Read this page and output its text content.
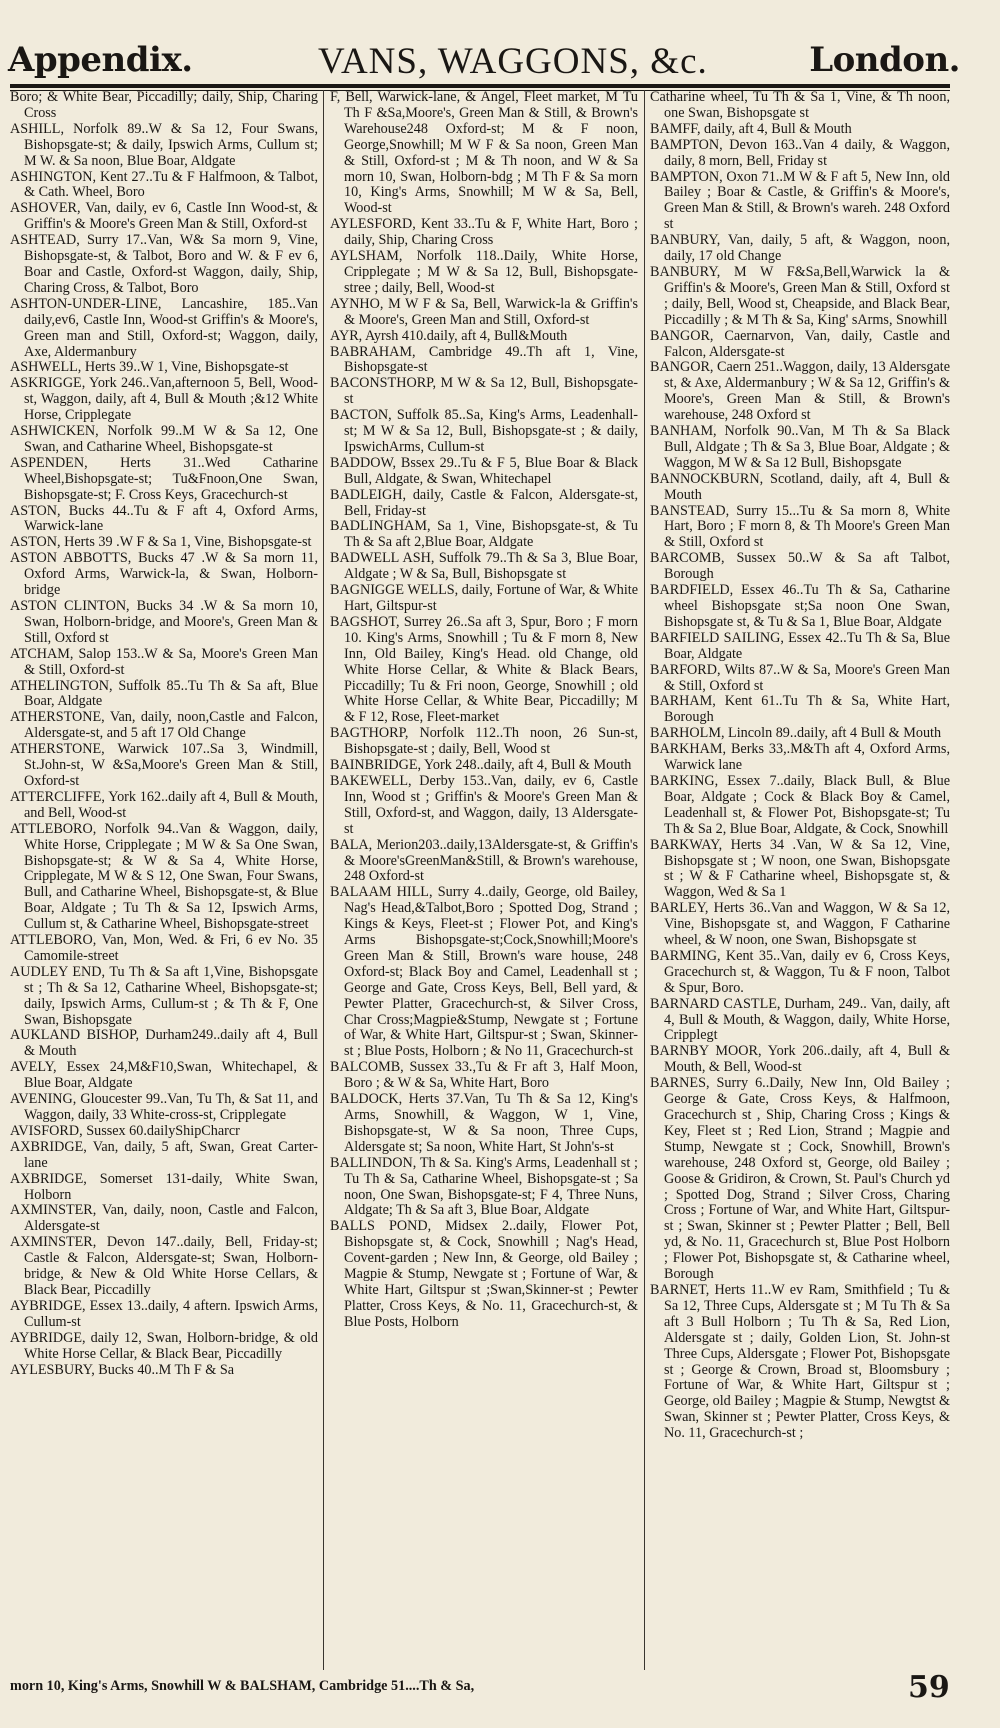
Appendix.	VANS, WAGGONS, &c.	London.

Boro; & White Bear, Piccadilly; daily, Ship, Charing Cross

ASHILL, Norfolk 89..W & Sa 12, Four Swans, Bishopsgate-st; & daily, Ipswich Arms, Cullum st; M W. & Sa noon, Blue Boar, Aldgate

ASHINGTON, Kent 27..Tu & F Halfmoon, & Talbot, & Cath. Wheel, Boro

ASHOVER, Van, daily, ev 6, Castle Inn Wood-st, & Griffin's & Moore's Green Man & Still, Oxford-st

ASHTEAD, Surry 17..Van, W& Sa morn 9, Vine, Bishopsgate-st, & Talbot, Boro and W. & F ev 6, Boar and Castle, Oxford-st Waggon, daily, Ship, Charing Cross, & Talbot, Boro

ASHTON-UNDER-LINE, Lancashire, 185..Van daily,ev6, Castle Inn, Wood-st Griffin's & Moore's, Green man and Still, Oxford-st; Waggon, daily, Axe, Aldermanbury

ASHWELL, Herts 39..W 1, Vine, Bishopsgate-st

ASKRIGGE, York 246..Van,afternoon 5, Bell, Wood-st, Waggon, daily, aft 4, Bull & Mouth ;&12 White Horse, Cripplegate

ASHWICKEN, Norfolk 99..M W & Sa 12, One Swan, and Catharine Wheel, Bishopsgate-st

ASPENDEN, Herts 31..Wed Catharine Wheel,Bishopsgate-st; Tu&Fnoon,One Swan, Bishopsgate-st; F. Cross Keys, Gracechurch-st

ASTON, Bucks 44..Tu & F aft 4, Oxford Arms, Warwick-lane

ASTON, Herts 39 .W F & Sa 1, Vine, Bishopsgate-st

ASTON ABBOTTS, Bucks 47 .W & Sa morn 11, Oxford Arms, Warwick-la, & Swan, Holborn-bridge

ASTON CLINTON, Bucks 34 .W & Sa morn 10, Swan, Holborn-bridge, and Moore's, Green Man & Still, Oxford st

ATCHAM, Salop 153..W & Sa, Moore's Green Man & Still, Oxford-st

ATHELINGTON, Suffolk 85..Tu Th & Sa aft, Blue Boar, Aldgate

ATHERSTONE, Van, daily, noon,Castle and Falcon, Aldersgate-st, and 5 aft 17 Old Change

ATHERSTONE, Warwick 107..Sa 3, Windmill, St.John-st, W &Sa,Moore's Green Man & Still, Oxford-st

ATTERCLIFFE, York 162..daily aft 4, Bull & Mouth, and Bell, Wood-st

ATTLEBORO, Norfolk 94..Van & Waggon, daily, White Horse, Cripplegate ; M W & Sa One Swan, Bishopsgate-st; & W & Sa 4, White Horse, Cripplegate, M W & S 12, One Swan, Four Swans, Bull, and Catharine Wheel, Bishopsgate-st, & Blue Boar, Aldgate ; Tu Th & Sa 12, Ipswich Arms, Cullum st, & Catharine Wheel, Bishopsgate-street

ATTLEBORO, Van, Mon, Wed. & Fri, 6 ev No. 35 Camomile-street

AUDLEY END, Tu Th & Sa aft 1,Vine, Bishopsgate st ; Th & Sa 12, Catharine Wheel, Bishopsgate-st; daily, Ipswich Arms, Cullum-st ; & Th & F, One Swan, Bishopsgate

AUKLAND BISHOP, Durham249..daily aft 4, Bull & Mouth

AVELY, Essex 24,M&F10,Swan, Whitechapel, & Blue Boar, Aldgate

AVENING, Gloucester 99..Van, Tu Th, & Sat 11, and Waggon, daily, 33 White-cross-st, Cripplegate

AVISFORD, Sussex 60.dailyShipCharcr

AXBRIDGE, Van, daily, 5 aft, Swan, Great Carter-lane

AXBRIDGE, Somerset 131-daily, White Swan, Holborn

AXMINSTER, Van, daily, noon, Castle and Falcon, Aldersgate-st

AXMINSTER, Devon 147..daily, Bell, Friday-st; Castle & Falcon, Aldersgate-st; Swan, Holborn-bridge, & New & Old White Horse Cellars, & Black Bear, Piccadilly

AYBRIDGE, Essex 13..daily, 4 aftern. Ipswich Arms, Cullum-st

AYBRIDGE, daily 12, Swan, Holborn-bridge, & old White Horse Cellar, & Black Bear, Piccadilly

AYLESBURY, Bucks 40..M Th F & Sa

F, Bell, Warwick-lane, & Angel, Fleet market, M Tu Th F &Sa,Moore's, Green Man & Still, & Brown's Warehouse248 Oxford-st; M & F noon, George,Snowhill; M W F & Sa noon, Green Man & Still, Oxford-st ; M & Th noon, and W & Sa morn 10, Swan, Holborn-bdg ; M Th F & Sa morn 10, King's Arms, Snowhill; M W & Sa, Bell, Wood-st

AYLESFORD, Kent 33..Tu & F, White Hart, Boro ; daily, Ship, Charing Cross

AYLSHAM, Norfolk 118..Daily, White Horse, Cripplegate ; M W & Sa 12, Bull, Bishopsgate-stree ; daily, Bell, Wood-st

AYNHO, M W F & Sa, Bell, Warwick-la & Griffin's & Moore's, Green Man and Still, Oxford-st

AYR, Ayrsh 410.daily, aft 4, Bull&Mouth

BABRAHAM, Cambridge 49..Th aft 1, Vine, Bishopsgate-st

BACONSTHORP, M W & Sa 12, Bull, Bishopsgate-st

BACTON, Suffolk 85..Sa, King's Arms, Leadenhall-st; M W & Sa 12, Bull, Bishopsgate-st ; & daily, IpswichArms, Cullum-st

BADDOW, Bssex 29..Tu & F 5, Blue Boar & Black Bull, Aldgate, & Swan, Whitechapel

BADLEIGH, daily, Castle & Falcon, Aldersgate-st, Bell, Friday-st

BADLINGHAM, Sa 1, Vine, Bishopsgate-st, & Tu Th & Sa aft 2,Blue Boar, Aldgate

BADWELL ASH, Suffolk 79..Th & Sa 3, Blue Boar, Aldgate ; W & Sa, Bull, Bishopsgate st

BAGNIGGE WELLS, daily, Fortune of War, & White Hart, Giltspur-st

BAGSHOT, Surrey 26..Sa aft 3, Spur, Boro ; F morn 10. King's Arms, Snowhill ; Tu & F morn 8, New Inn, Old Bailey, King's Head. old Change, old White Horse Cellar, & White & Black Bears, Piccadilly; Tu & Fri noon, George, Snowhill ; old White Horse Cellar, & White Bear, Piccadilly; M & F 12, Rose, Fleet-market

BAGTHORP, Norfolk 112..Th noon, 26 Sun-st, Bishopsgate-st ; daily, Bell, Wood st

BAINBRIDGE, York 248..daily, aft 4, Bull & Mouth

BAKEWELL, Derby 153..Van, daily, ev 6, Castle Inn, Wood st ; Griffin's & Moore's Green Man & Still, Oxford-st, and Waggon, daily, 13 Aldersgate-st

BALA, Merion203..daily,13Aldersgate-st, & Griffin's & Moore'sGreenMan&Still, & Brown's warehouse, 248 Oxford-st

BALAAM HILL, Surry 4..daily, George, old Bailey, Nag's Head,&Talbot,Boro ; Spotted Dog, Strand ; Kings & Keys, Fleet-st ; Flower Pot, and King's Arms Bishopsgate-st;Cock,Snowhill;Moore's Green Man & Still, Brown's ware house, 248 Oxford-st; Black Boy and Camel, Leadenhall st ; George and Gate, Cross Keys, Bell, Bell yard, & Pewter Platter, Gracechurch-st, & Silver Cross, Char Cross;Magpie&Stump, Newgate st ; Fortune of War, & White Hart, Giltspur-st ; Swan, Skinner-st ; Blue Posts, Holborn ; & No 11, Gracechurch-st

BALCOMB, Sussex 33.,Tu & Fr aft 3, Half Moon, Boro ; & W & Sa, White Hart, Boro

BALDOCK, Herts 37.Van, Tu Th & Sa 12, King's Arms, Snowhill, & Waggon, W 1, Vine, Bishopsgate-st, W & Sa noon, Three Cups, Aldersgate st; Sa noon, White Hart, St John's-st

BALLINDON, Th & Sa. King's Arms, Leadenhall st ; Tu Th & Sa, Catharine Wheel, Bishopsgate-st ; Sa noon, One Swan, Bishopsgate-st; F 4, Three Nuns, Aldgate; Th & Sa aft 3, Blue Boar, Aldgate

BALLS POND, Midsex 2..daily, Flower Pot, Bishopsgate st, & Cock, Snowhill ; Nag's Head, Covent-garden ; New Inn, & George, old Bailey ; Magpie & Stump, Newgate st ; Fortune of War, & White Hart, Giltspur st ;Swan,Skinner-st ; Pewter Platter, Cross Keys, & No. 11, Gracechurch-st, & Blue Posts, Holborn

Catharine wheel, Tu Th & Sa 1, Vine, & Th noon, one Swan, Bishopsgate st

BAMFF, daily, aft 4, Bull & Mouth

BAMPTON, Devon 163..Van 4 daily, & Waggon, daily, 8 morn, Bell, Friday st

BAMPTON, Oxon 71..M W & F aft 5, New Inn, old Bailey ; Boar & Castle, & Griffin's & Moore's, Green Man & Still, & Brown's wareh. 248 Oxford st

BANBURY, Van, daily, 5 aft, & Waggon, noon, daily, 17 old Change

BANBURY, M W F&Sa,Bell,Warwick la & Griffin's & Moore's, Green Man & Still, Oxford st ; daily, Bell, Wood st, Cheapside, and Black Bear, Piccadilly ; & M Th & Sa, King' sArms, Snowhill

BANGOR, Caernarvon, Van, daily, Castle and Falcon, Aldersgate-st

BANGOR, Caern 251..Waggon, daily, 13 Aldersgate st, & Axe, Aldermanbury ; W & Sa 12, Griffin's & Moore's, Green Man & Still, & Brown's warehouse, 248 Oxford st

BANHAM, Norfolk 90..Van, M Th & Sa Black Bull, Aldgate ; Th & Sa 3, Blue Boar, Aldgate ; & Waggon, M W & Sa 12 Bull, Bishopsgate

BANNOCKBURN, Scotland, daily, aft 4, Bull & Mouth

BANSTEAD, Surry 15...Tu & Sa morn 8, White Hart, Boro ; F morn 8, & Th Moore's Green Man & Still, Oxford st

BARCOMB, Sussex 50..W & Sa aft Talbot, Borough

BARDFIELD, Essex 46..Tu Th & Sa, Catharine wheel Bishopsgate st;Sa noon One Swan, Bishopsgate st, & Tu & Sa 1, Blue Boar, Aldgate

BARFIELD SAILING, Essex 42..Tu Th & Sa, Blue Boar, Aldgate

BARFORD, Wilts 87..W & Sa, Moore's Green Man & Still, Oxford st

BARHAM, Kent 61..Tu Th & Sa, White Hart, Borough

BARHOLM, Lincoln 89..daily, aft 4 Bull & Mouth

BARKHAM, Berks 33,.M&Th aft 4, Oxford Arms, Warwick lane

BARKING, Essex 7..daily, Black Bull, & Blue Boar, Aldgate ; Cock & Black Boy & Camel, Leadenhall st, & Flower Pot, Bishopsgate-st; Tu Th & Sa 2, Blue Boar, Aldgate, & Cock, Snowhill

BARKWAY, Herts 34 .Van, W & Sa 12, Vine, Bishopsgate st ; W noon, one Swan, Bishopsgate st ; W & F Catharine wheel, Bishopsgate st, & Waggon, Wed & Sa 1

BARLEY, Herts 36..Van and Waggon, W & Sa 12, Vine, Bishopsgate st, and Waggon, F Catharine wheel, & W noon, one Swan, Bishopsgate st

BARMING, Kent 35..Van, daily ev 6, Cross Keys, Gracechurch st, & Waggon, Tu & F noon, Talbot & Spur, Boro.

BARNARD CASTLE, Durham, 249.. Van, daily, aft 4, Bull & Mouth, & Waggon, daily, White Horse, Cripplegt

BARNBY MOOR, York 206..daily, aft 4, Bull & Mouth, & Bell, Wood-st

BARNES, Surry 6..Daily, New Inn, Old Bailey ; George & Gate, Cross Keys, & Halfmoon, Gracechurch st , Ship, Charing Cross ; Kings & Key, Fleet st ; Red Lion, Strand ; Magpie and Stump, Newgate st ; Cock, Snowhill, Brown's warehouse, 248 Oxford st, George, old Bailey ; Goose & Gridiron, & Crown, St. Paul's Church yd ; Spotted Dog, Strand ; Silver Cross, Charing Cross ; Fortune of War, and White Hart, Giltspur-st ; Swan, Skinner st ; Pewter Platter ; Bell, Bell yd, & No. 11, Gracechurch st, Blue Post Holborn ; Flower Pot, Bishopsgate st, & Catharine wheel, Borough

BARNET, Herts 11..W ev Ram, Smithfield ; Tu & Sa 12, Three Cups, Aldersgate st ; M Tu Th & Sa aft 3 Bull Holborn ; Tu Th & Sa, Red Lion, Aldersgate st ; daily, Golden Lion, St. John-st Three Cups, Aldersgate ; Flower Pot, Bishopsgate st ; George & Crown, Broad st, Bloomsbury ; Fortune of War, & White Hart, Giltspur st ; George, old Bailey ; Magpie & Stump, Newgtst & Swan, Skinner st ; Pewter Platter, Cross Keys, & No. 11, Gracechurch-st ;

morn 10, King's Arms, Snowhill W & BALSHAM, Cambridge 51....Th & Sa,	59
